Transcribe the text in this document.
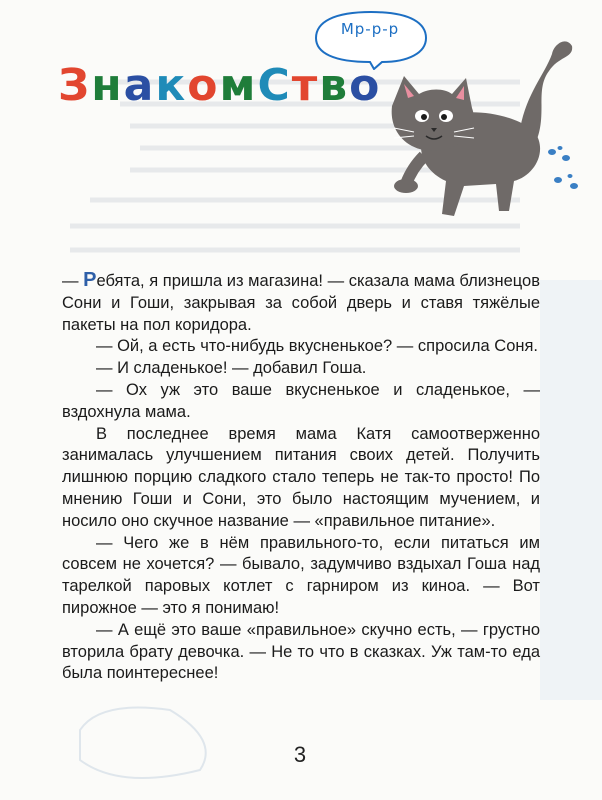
Мр-р-р
ЗнакомСтво

— Ребята, я пришла из магазина! — сказала мама близнецов Сони и Гоши, закрывая за собой дверь и ставя тяжёлые пакеты на пол коридора.

— Ой, а есть что-нибудь вкусненькое? — спросила Соня.

— И сладенькое! — добавил Гоша.

— Ох уж это ваше вкусненькое и сладенькое, — вздохнула мама.

В последнее время мама Катя самоотверженно занималась улучшением питания своих детей. Получить лишнюю порцию сладкого стало теперь не так-то просто! По мнению Гоши и Сони, это было настоящим мучением, и носило оно скучное название — «правильное питание».

— Чего же в нём правильного-то, если питаться им совсем не хочется? — бывало, задумчиво вздыхал Гоша над тарелкой паровых котлет с гарниром из киноа. — Вот пирожное — это я понимаю!

— А ещё это ваше «правильное» скучно есть, — грустно вторила брату девочка. — Не то что в сказках. Уж там-то еда была поинтереснее!

3
